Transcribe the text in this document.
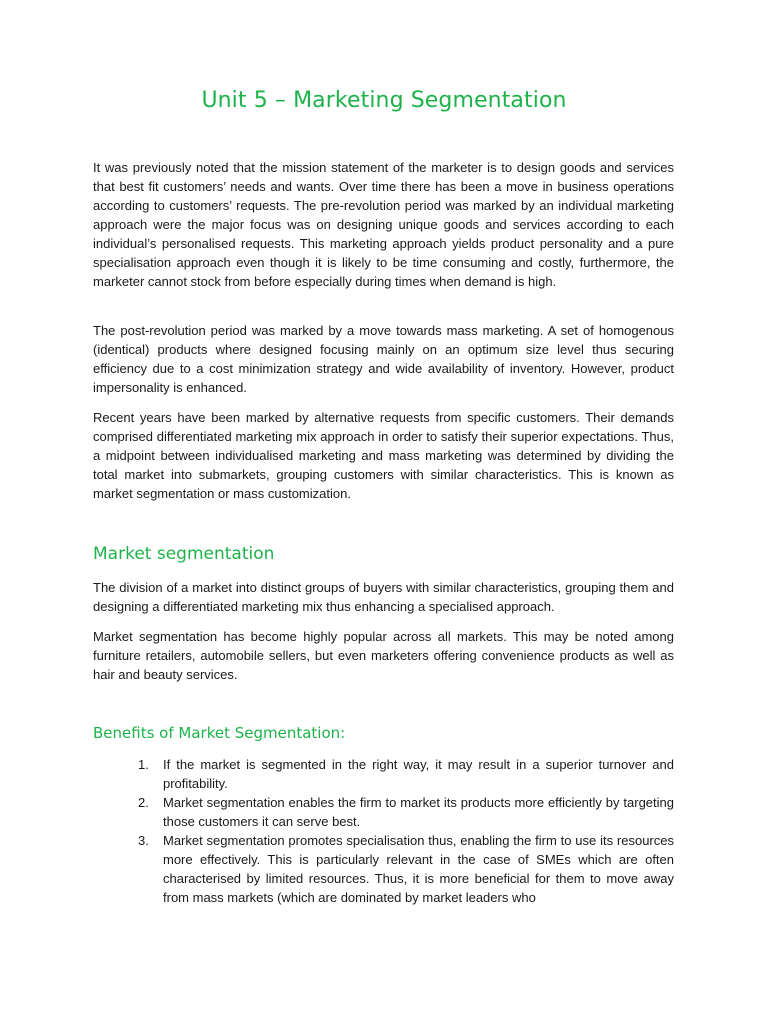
Unit 5 – Marketing Segmentation

It was previously noted that the mission statement of the marketer is to design goods and services that best fit customers’ needs and wants. Over time there has been a move in business operations according to customers’ requests. The pre-revolution period was marked by an individual marketing approach were the major focus was on designing unique goods and services according to each individual’s personalised requests. This marketing approach yields product personality and a pure specialisation approach even though it is likely to be time consuming and costly, furthermore, the marketer cannot stock from before especially during times when demand is high.

The post-revolution period was marked by a move towards mass marketing. A set of homogenous (identical) products where designed focusing mainly on an optimum size level thus securing efficiency due to a cost minimization strategy and wide availability of inventory. However, product impersonality is enhanced.

Recent years have been marked by alternative requests from specific customers. Their demands comprised differentiated marketing mix approach in order to satisfy their superior expectations. Thus, a midpoint between individualised marketing and mass marketing was determined by dividing the total market into submarkets, grouping customers with similar characteristics. This is known as market segmentation or mass customization.

Market segmentation

The division of a market into distinct groups of buyers with similar characteristics, grouping them and designing a differentiated marketing mix thus enhancing a specialised approach.

Market segmentation has become highly popular across all markets. This may be noted among furniture retailers, automobile sellers, but even marketers offering convenience products as well as hair and beauty services.

Benefits of Market Segmentation:
1. If the market is segmented in the right way, it may result in a superior turnover and profitability.
2. Market segmentation enables the firm to market its products more efficiently by targeting those customers it can serve best.
3. Market segmentation promotes specialisation thus, enabling the firm to use its resources more effectively. This is particularly relevant in the case of SMEs which are often characterised by limited resources. Thus, it is more beneficial for them to move away from mass markets (which are dominated by market leaders who
